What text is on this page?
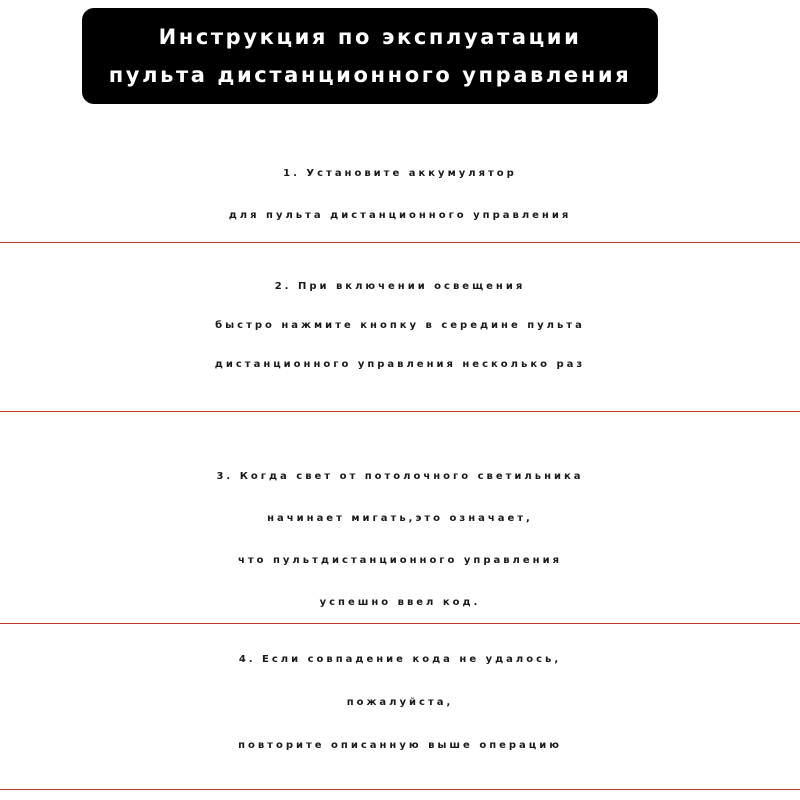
Инструкция по эксплуатации
пульта дистанционного управления
1. Установите аккумулятор
для пульта дистанционного управления
2. При включении освещения
быстро нажмите кнопку в середине пульта
дистанционного управления несколько раз
3. Когда свет от потолочного светильника
начинает мигать,это означает,
что пультдистанционного управления
успешно ввел код.
4. Если совпадение кода не удалось,
пожалуйста,
повторите описанную выше операцию
